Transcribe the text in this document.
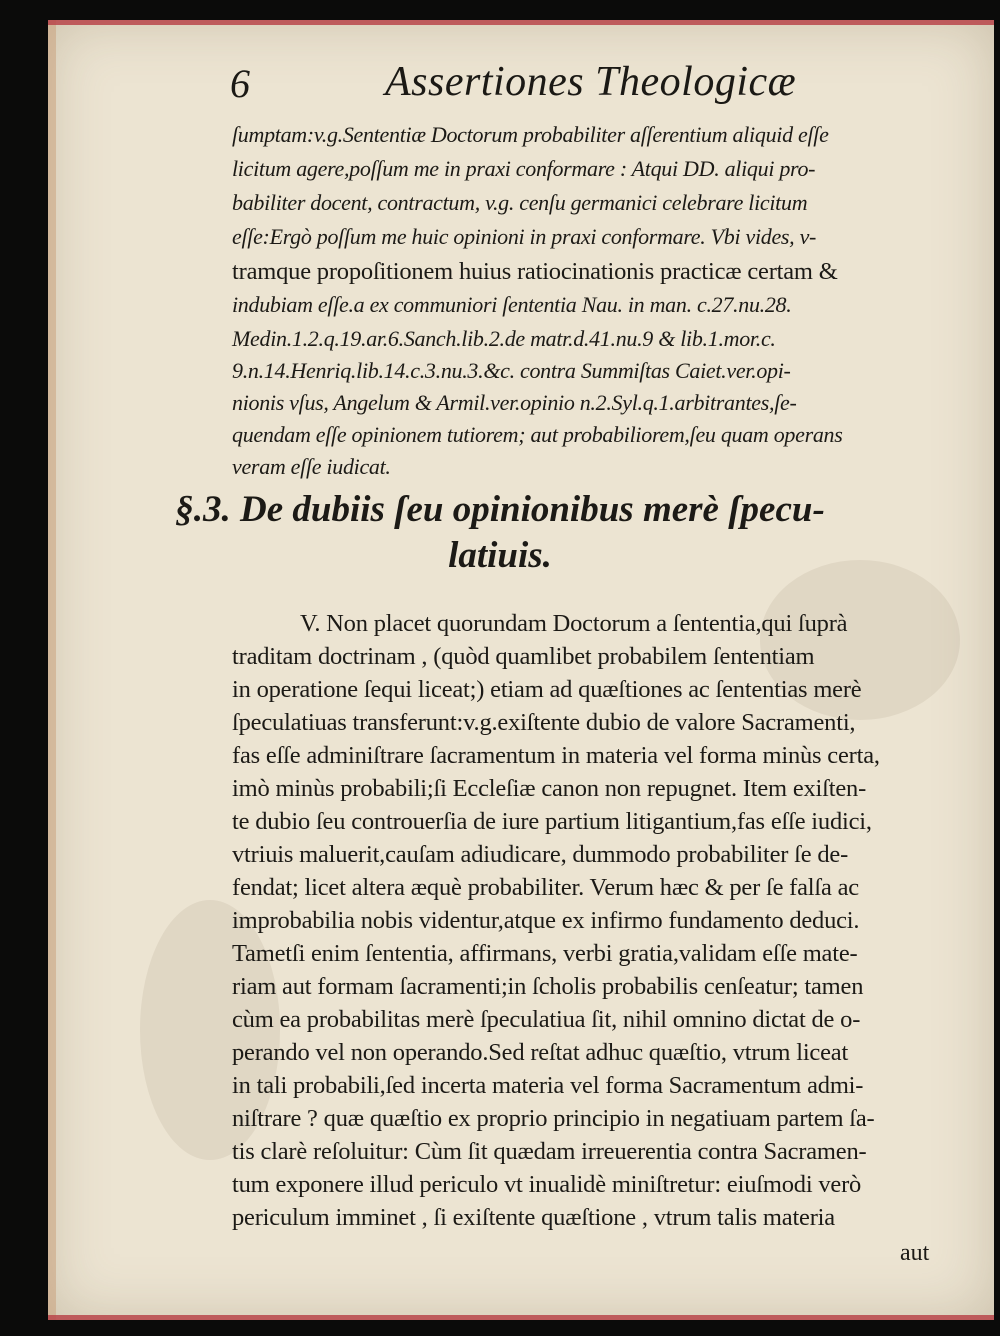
6	Assertiones Theologicæ
ſumptam:v.g.Sententiæ Doctorum probabiliter aſſerentium aliquid eſſe
licitum agere,poſſum me in praxi conformare : Atqui DD. aliqui pro-
babiliter docent, contractum, v.g. cenſu germanici celebrare licitum
eſſe:Ergò poſſum me huic opinioni in praxi conformare. Vbi vides, v-
tramque propoſitionem huius ratiocinationis practicæ certam &
indubiam eſſe.a ex communiori ſententia Nau. in man. c.27.nu.28.
Medin.1.2.q.19.ar.6.Sanch.lib.2.de matr.d.41.nu.9 & lib.1.mor.c.
9.n.14.Henriq.lib.14.c.3.nu.3.&c. contra Summiſtas Caiet.ver.opi-
nionis vſus, Angelum & Armil.ver.opinio n.2.Syl.q.1.arbitrantes,ſe-
quendam eſſe opinionem tutiorem; aut probabiliorem,ſeu quam operans
veram eſſe iudicat.
§.3. De dubiis ſeu opinionibus merè ſpecu-
latiuis.
V. Non placet quorundam Doctorum a ſententia,qui ſuprà
traditam doctrinam , (quòd quamlibet probabilem ſententiam
in operatione ſequi liceat;) etiam ad quæſtiones ac ſententias merè
ſpeculatiuas transferunt:v.g.exiſtente dubio de valore Sacramenti,
fas eſſe adminiſtrare ſacramentum in materia vel forma minùs certa,
imò minùs probabili;ſi Eccleſiæ canon non repugnet. Item exiſten-
te dubio ſeu controuerſia de iure partium litigantium,fas eſſe iudici,
vtriuis maluerit,cauſam adiudicare, dummodo probabiliter ſe de-
fendat; licet altera æquè probabiliter. Verum hæc & per ſe falſa ac
improbabilia nobis videntur,atque ex infirmo fundamento deduci.
Tametſi enim ſententia, affirmans, verbi gratia,validam eſſe mate-
riam aut formam ſacramenti;in ſcholis probabilis cenſeatur; tamen
cùm ea probabilitas merè ſpeculatiua ſit, nihil omnino dictat de o-
perando vel non operando.Sed reſtat adhuc quæſtio, vtrum liceat
in tali probabili,ſed incerta materia vel forma Sacramentum admi-
niſtrare ? quæ quæſtio ex proprio principio in negatiuam partem ſa-
tis clarè reſoluitur: Cùm ſit quædam irreuerentia contra Sacramen-
tum exponere illud periculo vt inualidè miniſtretur: eiuſmodi verò
periculum imminet , ſi exiſtente quæſtione , vtrum talis materia
aut
